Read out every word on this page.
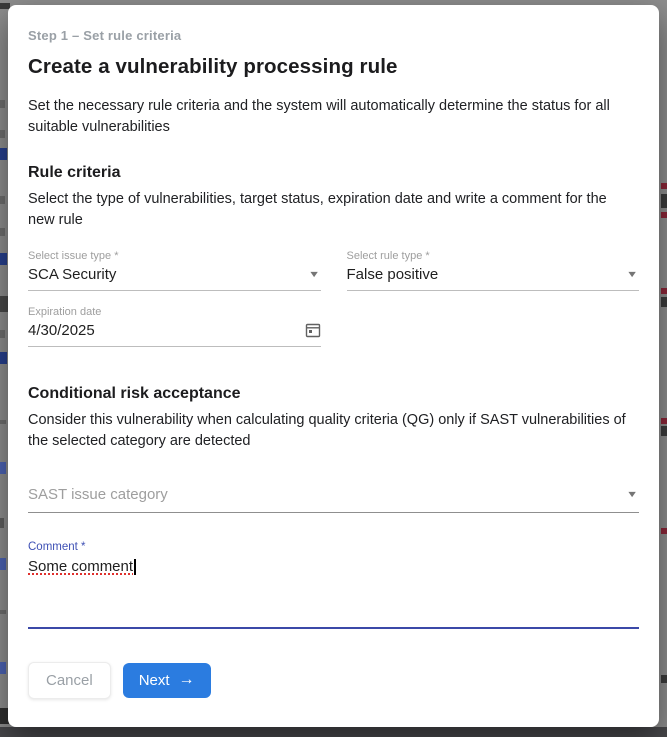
Step 1 – Set rule criteria
Create a vulnerability processing rule

Set the necessary rule criteria and the system will automatically determine the status for all suitable vulnerabilities

Rule criteria

Select the type of vulnerabilities, target status, expiration date and write a comment for the new rule

Select issue type *
SCA Security	▼
Select rule type *
False positive	▼
Expiration date
4/30/2025
Conditional risk acceptance

Consider this vulnerability when calculating quality criteria (QG) only if SAST vulnerabilities of the selected category are detected

SAST issue category	▼
Comment *
Some comment
Cancel	Next →
